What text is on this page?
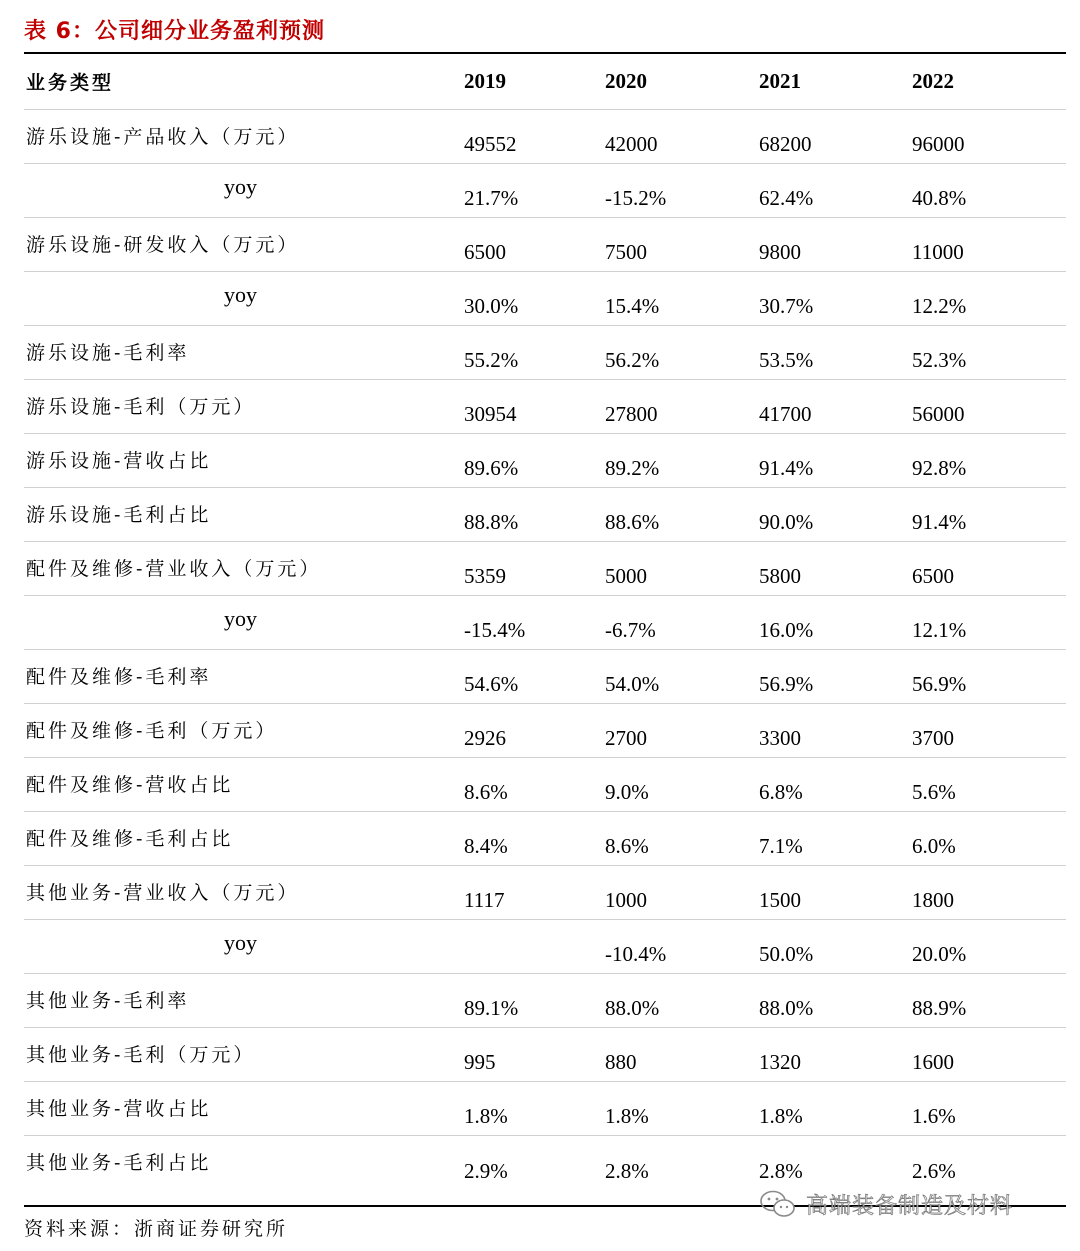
表 6：公司细分业务盈利预测
业务类型	2019	2020	2021	2022
游乐设施-产品收入（万元）	49552	42000	68200	96000
yoy	21.7%	-15.2%	62.4%	40.8%
游乐设施-研发收入（万元）	6500	7500	9800	11000
yoy	30.0%	15.4%	30.7%	12.2%
游乐设施-毛利率	55.2%	56.2%	53.5%	52.3%
游乐设施-毛利（万元）	30954	27800	41700	56000
游乐设施-营收占比	89.6%	89.2%	91.4%	92.8%
游乐设施-毛利占比	88.8%	88.6%	90.0%	91.4%
配件及维修-营业收入（万元）	5359	5000	5800	6500
yoy	-15.4%	-6.7%	16.0%	12.1%
配件及维修-毛利率	54.6%	54.0%	56.9%	56.9%
配件及维修-毛利（万元）	2926	2700	3300	3700
配件及维修-营收占比	8.6%	9.0%	6.8%	5.6%
配件及维修-毛利占比	8.4%	8.6%	7.1%	6.0%
其他业务-营业收入（万元）	1117	1000	1500	1800
yoy		-10.4%	50.0%	20.0%
其他业务-毛利率	89.1%	88.0%	88.0%	88.9%
其他业务-毛利（万元）	995	880	1320	1600
其他业务-营收占比	1.8%	1.8%	1.8%	1.6%
其他业务-毛利占比	2.9%	2.8%	2.8%	2.6%
资料来源：浙商证券研究所
高端装备制造及材料
